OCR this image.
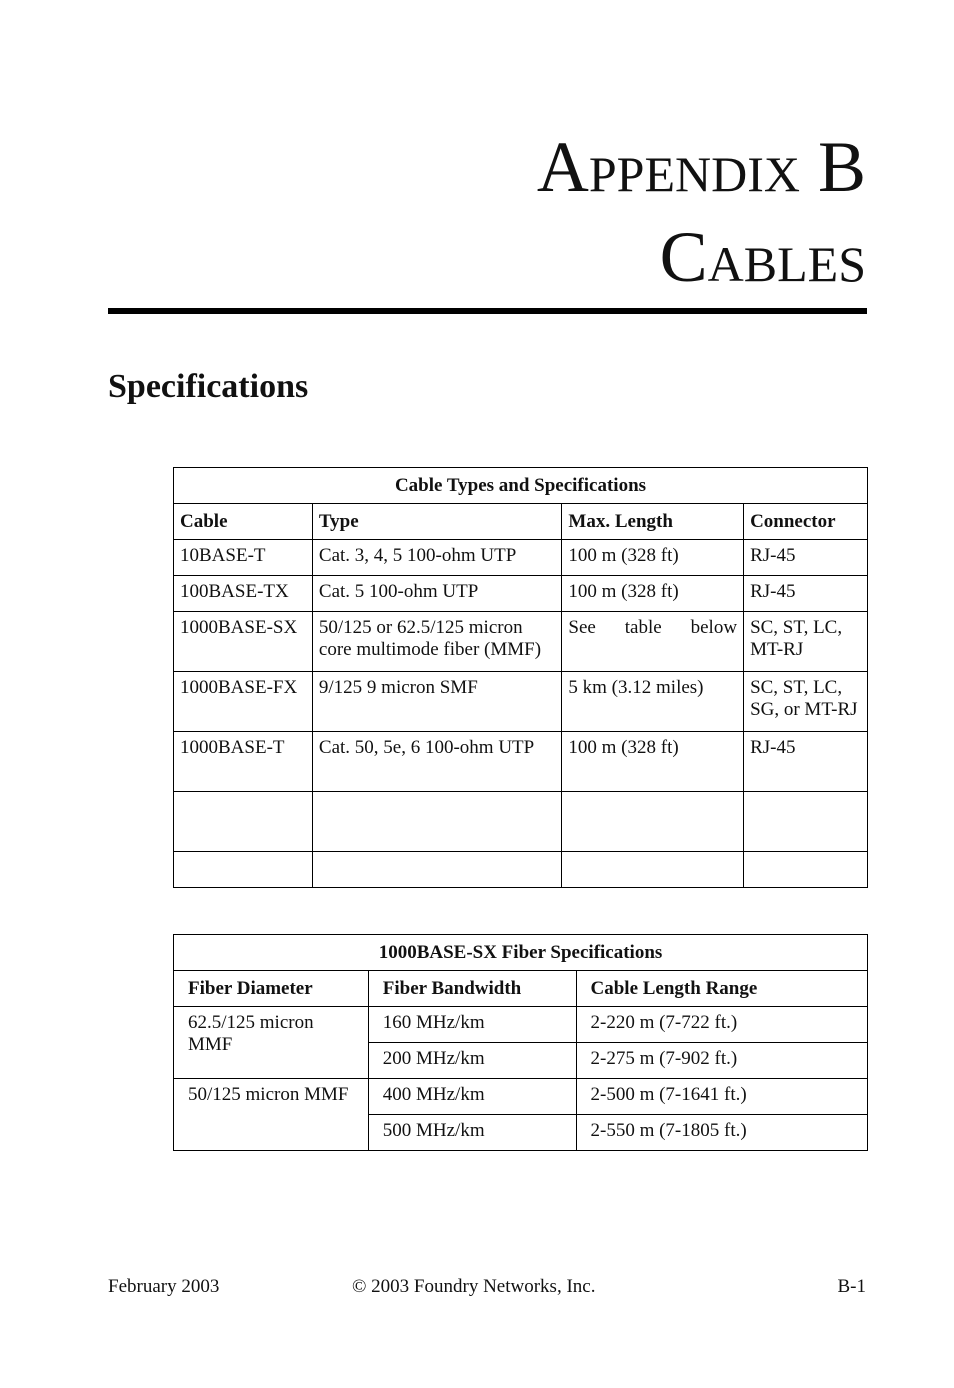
Appendix B
Cables
Specifications
Cable Types and Specifications			
Cable	Type	Max. Length	Connector
10BASE-T	Cat. 3, 4, 5 100-ohm UTP	100 m (328 ft)	RJ-45
100BASE-TX	Cat. 5 100-ohm UTP	100 m (328 ft)	RJ-45
1000BASE-SX	50/125 or 62.5/125 micron core multimode fiber (MMF)	See table below	SC, ST, LC, MT-RJ
1000BASE-FX	9/125 9 micron SMF	5 km (3.12 miles)	SC, ST, LC, SG, or MT-RJ
1000BASE-T	Cat. 50, 5e, 6 100-ohm UTP	100 m (328 ft)	RJ-45

1000BASE-SX Fiber Specifications		
Fiber Diameter	Fiber Bandwidth	Cable Length Range
62.5/125 micron MMF	160 MHz/km	2-220 m (7-722 ft.)
	200 MHz/km	2-275 m (7-902 ft.)
50/125 micron MMF	400 MHz/km	2-500 m (7-1641 ft.)
	500 MHz/km	2-550 m (7-1805 ft.)
February 2003	© 2003 Foundry Networks, Inc.	B-1
